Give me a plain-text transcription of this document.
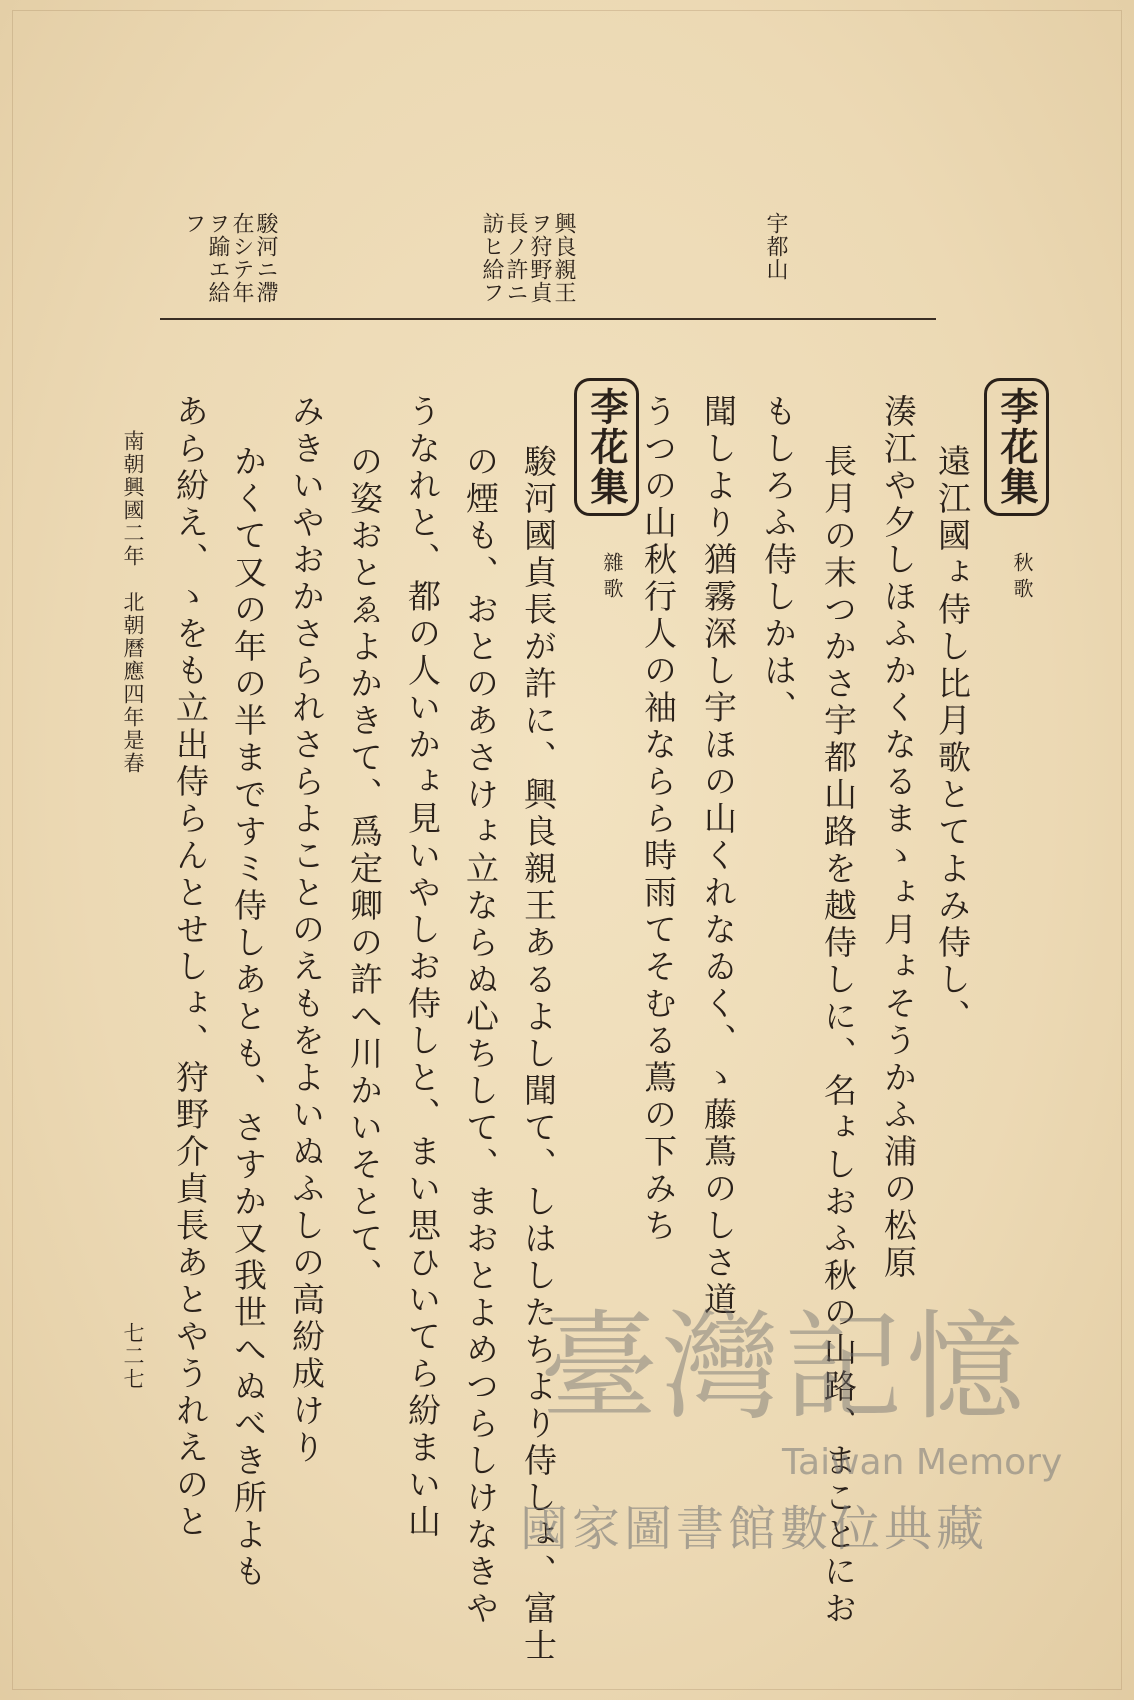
宇都山
興良親王
ヲ狩野貞
長ノ許ニ
訪ヒ給フ
駿河ニ滯
在シテ年
ヲ踰エ給
フ
李花集
秋歌
遠江國ょ侍し比月歌とてよみ侍し、
湊江や夕しほふかくなるまゝょ月ょそうかふ浦の松原
長月の末つかさ宇都山路を越侍しに、名ょしおふ秋の山路、まことにお
もしろふ侍しかは、
聞しより猶霧深し宇ほの山くれなゐく、ゝ藤蔦のしさ道
うつの山秋行人の袖ならら時雨てそむる蔦の下みち
李花集
雜歌
駿河國貞長が許に、興良親王あるよし聞て、しはしたちより侍しょ、富士
の煙も、おとのあさけょ立ならぬ心ちして、まおとよめつらしけなきや
うなれと、都の人いかょ見いやしお侍しと、まい思ひいてら紛まい山
の姿おとゑよかきて、爲定卿の許へ川かいそとて、
みきいやおかさられさらよことのえもをよいぬふしの高紛成けり
かくて又の年の半まですミ侍しあとも、さすか又我世へぬべき所よも
あら紛え、ゝをも立出侍らんとせしょ、狩野介貞長あとやうれえのと
南朝興國二年　北朝曆應四年是春
七二七	臺灣記憶
Taiwan Memory
國家圖書館數位典藏
